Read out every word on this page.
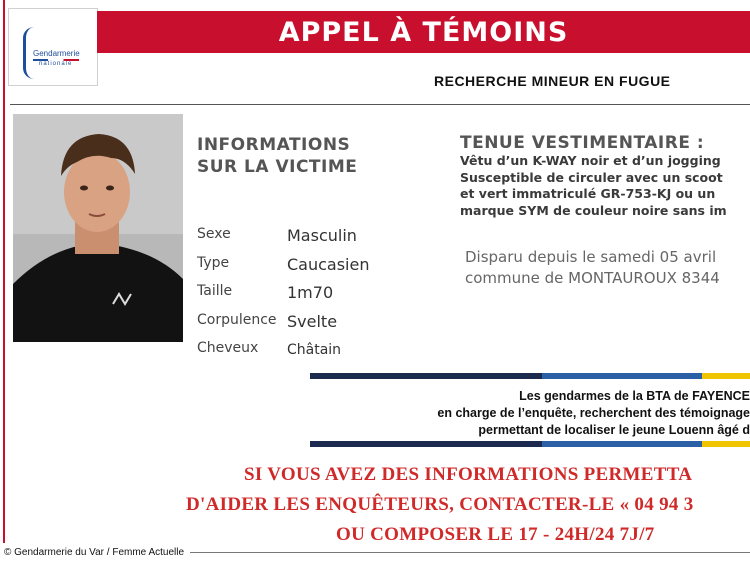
Gendarmerie
nationale
APPEL À TÉMOINS
RECHERCHE MINEUR EN FUGUE
INFORMATIONS
SUR LA VICTIME
Sexe	Masculin
Type	Caucasien
Taille	1m70
Corpulence Svelte
Cheveux Châtain
TENUE VESTIMENTAIRE :
Vêtu d’un K-WAY noir et d’un jogging
Susceptible de circuler avec un scoot
et vert immatriculé GR-753-KJ ou un
marque SYM de couleur noire sans im
Disparu depuis le samedi 05 avril
commune de MONTAUROUX 8344
Les gendarmes de la BTA de FAYENCE
en charge de l’enquête, recherchent des témoignage
permettant de localiser le jeune Louenn âgé d
SI VOUS AVEZ DES INFORMATIONS PERMETTA
D'AIDER LES ENQUÊTEURS, CONTACTER-LE « 04 94 3
OU COMPOSER LE 17 - 24H/24 7J/7
© Gendarmerie du Var / Femme Actuelle
